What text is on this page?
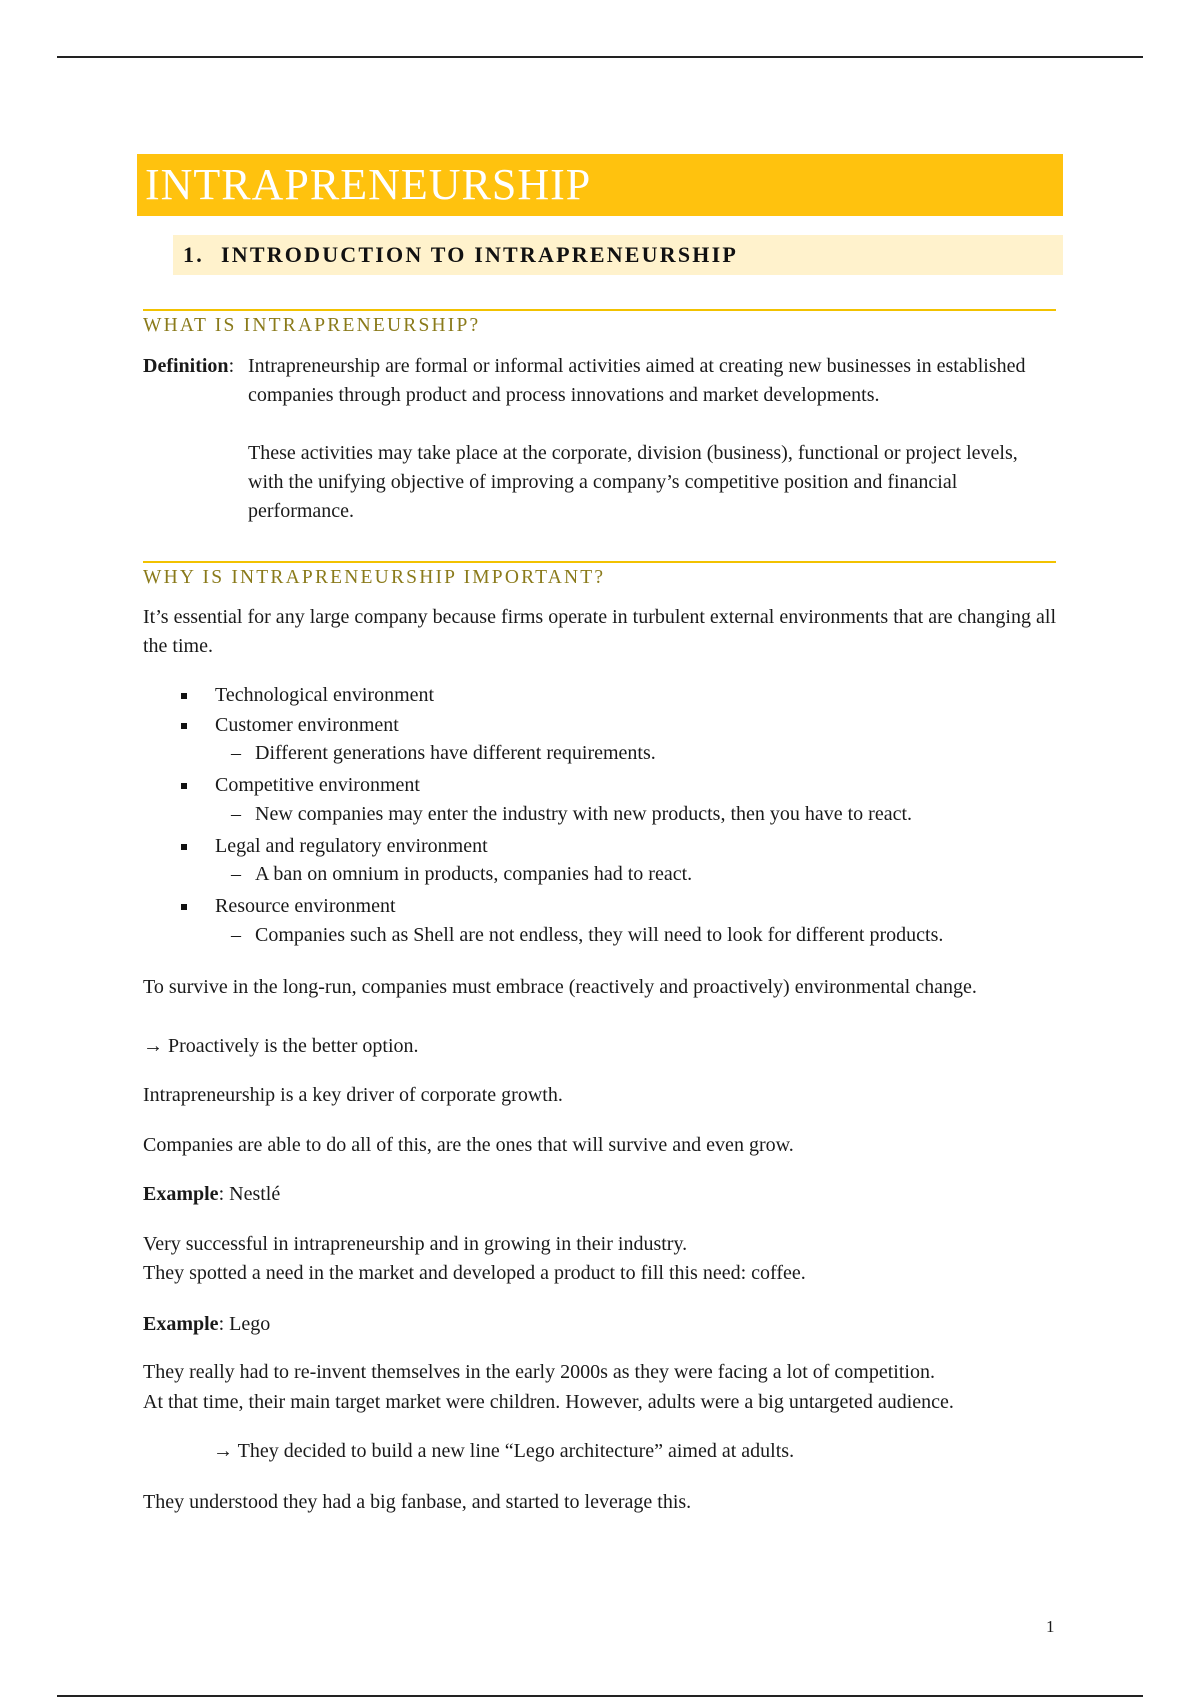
INTRAPRENEURSHIP
1. INTRODUCTION TO INTRAPRENEURSHIP
WHAT IS INTRAPRENEURSHIP?
Definition: Intrapreneurship are formal or informal activities aimed at creating new businesses in established companies through product and process innovations and market developments.
These activities may take place at the corporate, division (business), functional or project levels, with the unifying objective of improving a company’s competitive position and financial performance.
WHY IS INTRAPRENEURSHIP IMPORTANT?

It’s essential for any large company because firms operate in turbulent external environments that are changing all the time.

Technological environment
Customer environment
– Different generations have different requirements.
Competitive environment
– New companies may enter the industry with new products, then you have to react.
Legal and regulatory environment
– A ban on omnium in products, companies had to react.
Resource environment
– Companies such as Shell are not endless, they will need to look for different products.

To survive in the long-run, companies must embrace (reactively and proactively) environmental change.

→ Proactively is the better option.

Intrapreneurship is a key driver of corporate growth.

Companies are able to do all of this, are the ones that will survive and even grow.

Example: Nestlé

Very successful in intrapreneurship and in growing in their industry.

They spotted a need in the market and developed a product to fill this need: coffee.

Example: Lego

They really had to re-invent themselves in the early 2000s as they were facing a lot of competition.

At that time, their main target market were children. However, adults were a big untargeted audience.

→ They decided to build a new line “Lego architecture” aimed at adults.

They understood they had a big fanbase, and started to leverage this.

1
